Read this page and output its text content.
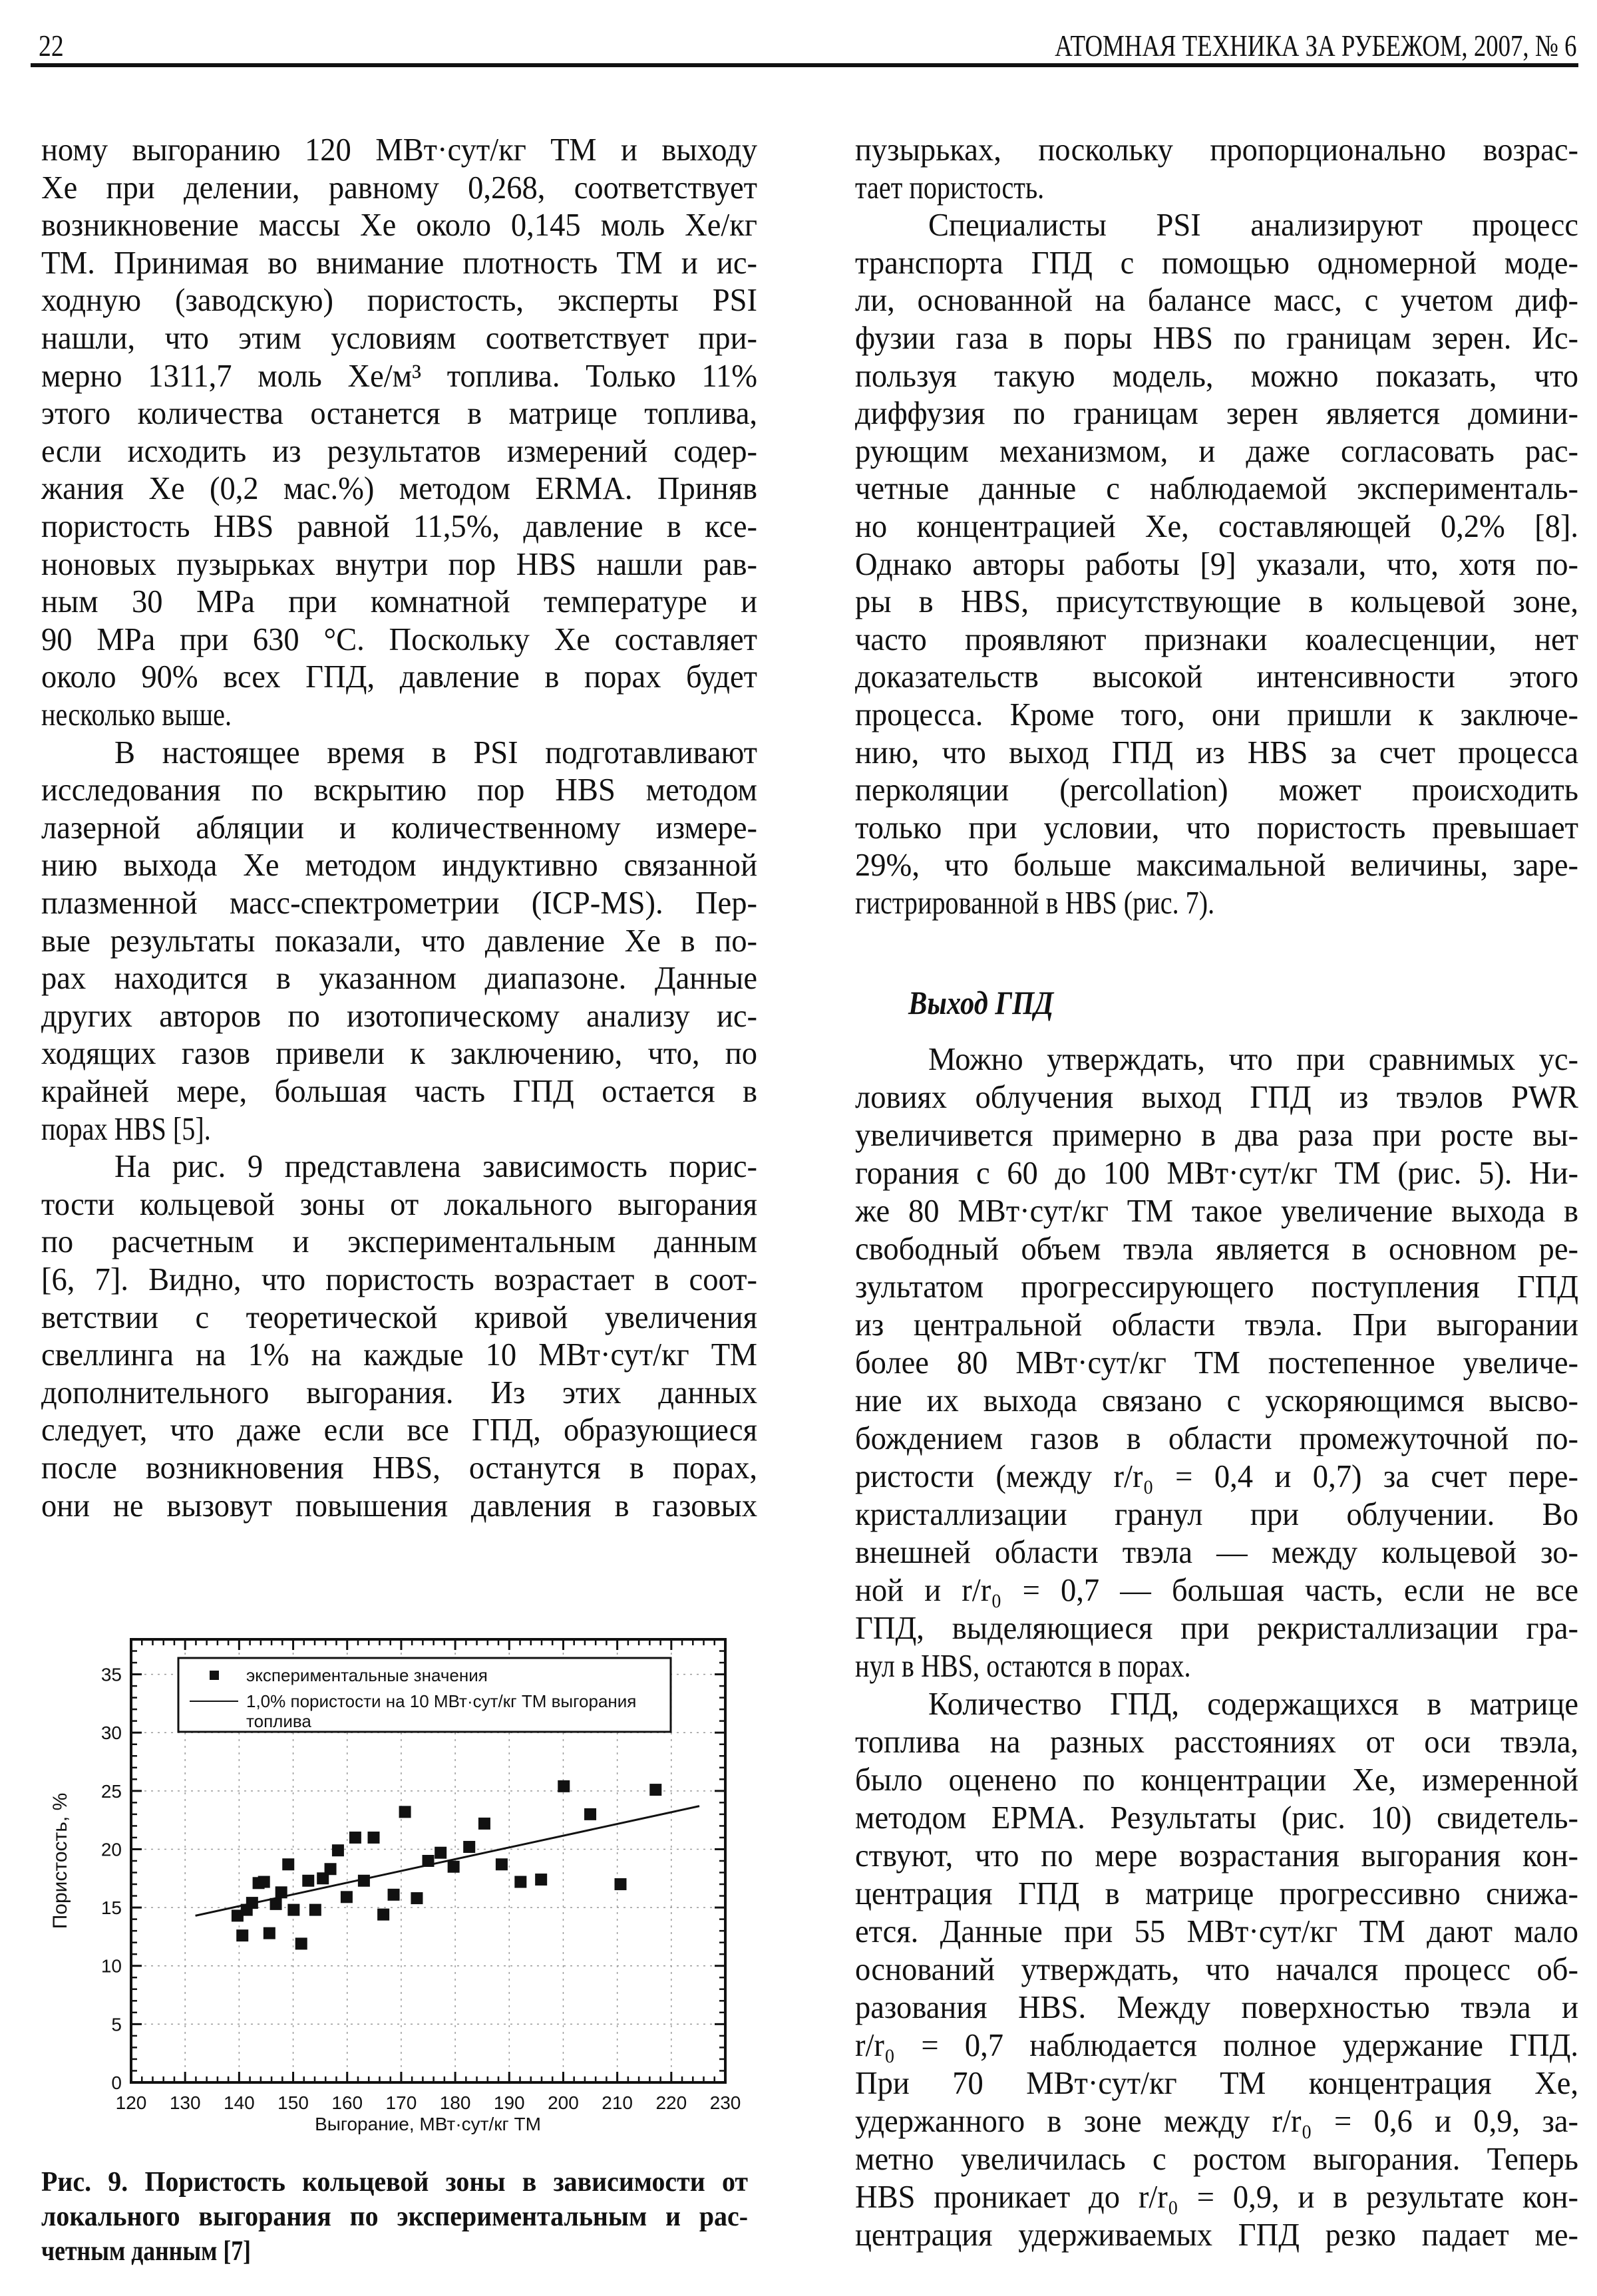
22	АТОМНАЯ ТЕХНИКА ЗА РУБЕЖОМ, 2007, № 6
ному выгоранию 120 МВт·сут/кг ТМ и выходу
Xe при делении, равному 0,268, соответствует
возникновение массы Xe около 0,145 моль Xe/кг
ТМ. Принимая во внимание плотность ТМ и ис-
ходную (заводскую) пористость, эксперты PSI
нашли, что этим условиям соответствует при-
мерно 1311,7 моль Xe/м³ топлива. Только 11%
этого количества останется в матрице топлива,
если исходить из результатов измерений содер-
жания Xe (0,2 мас.%) методом ERMA. Приняв
пористость HBS равной 11,5%, давление в ксе-
ноновых пузырьках внутри пор HBS нашли рав-
ным 30 MPa при комнатной температуре и
90 MPa при 630 °С. Поскольку Xe составляет
около 90% всех ГПД, давление в порах будет
несколько выше.
В настоящее время в PSI подготавливают
исследования по вскрытию пор HBS методом
лазерной абляции и количественному измере-
нию выхода Xe методом индуктивно связанной
плазменной масс-спектрометрии (ICP-MS). Пер-
вые результаты показали, что давление Xe в по-
рах находится в указанном диапазоне. Данные
других авторов по изотопическому анализу ис-
ходящих газов привели к заключению, что, по
крайней мере, большая часть ГПД остается в
порах HBS [5].
На рис. 9 представлена зависимость порис-
тости кольцевой зоны от локального выгорания
по расчетным и экспериментальным данным
[6, 7]. Видно, что пористость возрастает в соот-
ветствии с теоретической кривой увеличения
свеллинга на 1% на каждые 10 МВт·сут/кг ТМ
дополнительного выгорания. Из этих данных
следует, что даже если все ГПД, образующиеся
после возникновения HBS, останутся в порах,
они не вызовут повышения давления в газовых
пузырьках, поскольку пропорционально возрас-
тает пористость.
Специалисты PSI анализируют процесс
транспорта ГПД с помощью одномерной моде-
ли, основанной на балансе масс, с учетом диф-
фузии газа в поры HBS по границам зерен. Ис-
пользуя такую модель, можно показать, что
диффузия по границам зерен является домини-
рующим механизмом, и даже согласовать рас-
четные данные с наблюдаемой эксперименталь-
но концентрацией Xe, составляющей 0,2% [8].
Однако авторы работы [9] указали, что, хотя по-
ры в HBS, присутствующие в кольцевой зоне,
часто проявляют признаки коалесценции, нет
доказательств высокой интенсивности этого
процесса. Кроме того, они пришли к заключе-
нию, что выход ГПД из HBS за счет процесса
перколяции (percollation) может происходить
только при условии, что пористость превышает
29%, что больше максимальной величины, заре-
гистрированной в HBS (рис. 7).
Можно утверждать, что при сравнимых ус-
ловиях облучения выход ГПД из твэлов PWR
увеличивется примерно в два раза при росте вы-
горания с 60 до 100 МВт·сут/кг ТМ (рис. 5). Ни-
же 80 МВт·сут/кг ТМ такое увеличение выхода в
свободный объем твэла является в основном ре-
зультатом прогрессирующего поступления ГПД
из центральной области твэла. При выгорании
более 80 МВт·сут/кг ТМ постепенное увеличе-
ние их выхода связано с ускоряющимся высво-
бождением газов в области промежуточной по-
ристости (между r/r₀ = 0,4 и 0,7) за счет пере-
кристаллизации гранул при облучении. Во
внешней области твэла — между кольцевой зо-
ной и r/r₀ = 0,7 — большая часть, если не все
ГПД, выделяющиеся при рекристаллизации гра-
нул в HBS, остаются в порах.
Количество ГПД, содержащихся в матрице
топлива на разных расстояниях от оси твэла,
было оценено по концентрации Xe, измеренной
методом ЕРМА. Результаты (рис. 10) свидетель-
ствуют, что по мере возрастания выгорания кон-
центрация ГПД в матрице прогрессивно снижа-
ется. Данные при 55 МВт·сут/кг ТМ дают мало
оснований утверждать, что начался процесс об-
разования HBS. Между поверхностью твэла и
r/r₀ = 0,7 наблюдается полное удержание ГПД.
При 70 МВт·сут/кг ТМ концентрация Xe,
удержанного в зоне между r/r₀ = 0,6 и 0,9, за-
метно увеличилась с ростом выгорания. Теперь
HBS проникает до r/r₀ = 0,9, и в результате кон-
центрация удерживаемых ГПД резко падает ме-
Выход ГПД
120 130 140 150 160 170 180 190 200 210 220 230
0
5
10
15
20
25
30
35	экспериментальные значения
1,0% пористости на 10 МВт·сут/кг ТМ выгорания
топлива
Выгорание, МВт·сут/кг ТМ
Пористость, %
Рис. 9. Пористость кольцевой зоны в зависимости от
локального выгорания по экспериментальным и рас-
четным данным [7]
